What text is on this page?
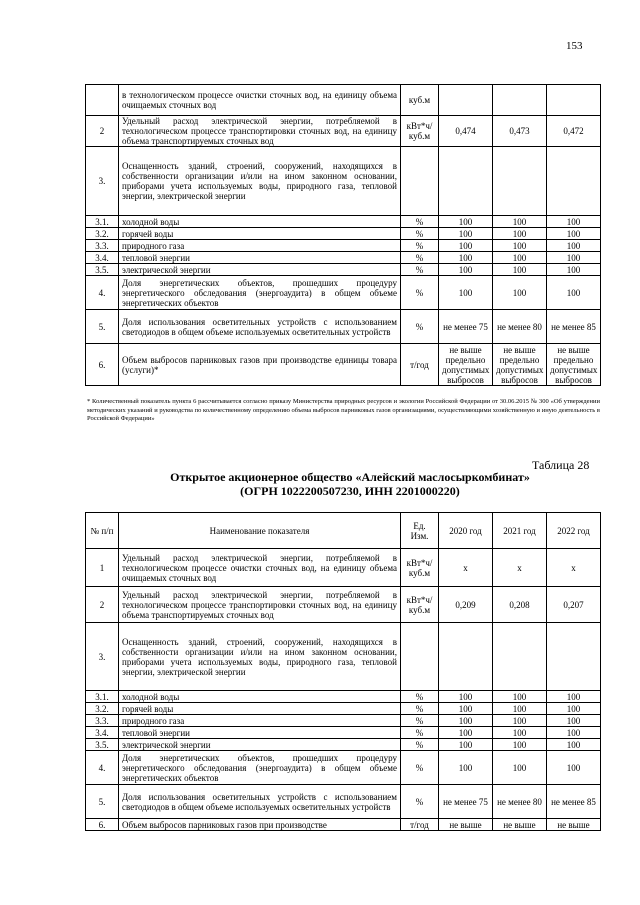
153
	в технологическом процессе очистки сточных вод, на единицу объема очищаемых сточных вод	куб.м			
2	Удельный расход электрической энергии, потребляемой в технологическом процессе транспортировки сточных вод, на единицу объема транспортируемых сточных вод	кВт*ч/куб.м	0,474	0,473	0,472
3.	Оснащенность зданий, строений, сооружений, находящихся в собственности организации и/или на ином законном основании, приборами учета используемых воды, природного газа, тепловой энергии, электрической энергии				
3.1.	холодной воды	%	100	100	100
3.2.	горячей воды	%	100	100	100
3.3.	природного газа	%	100	100	100
3.4.	тепловой энергии	%	100	100	100
3.5.	электрической энергии	%	100	100	100
4.	Доля энергетических объектов, прошедших процедуру энергетического обследования (энергоаудита) в общем объеме энергетических объектов	%	100	100	100
5.	Доля использования осветительных устройств с использованием светодиодов в общем объеме используемых осветительных устройств	%	не менее 75	не менее 80	не менее 85
6.	Объем выбросов парниковых газов при производстве единицы товара (услуги)*	т/год	не выше предельно допустимых выбросов	не выше предельно допустимых выбросов	не выше предельно допустимых выбросов
* Количественный показатель пункта 6 рассчитывается согласно приказу Министерства природных ресурсов и экологии Российской Федерации от 30.06.2015 № 300 «Об утверждении методических указаний и руководства по количественному определению объема выбросов парниковых газов организациями, осуществляющими хозяйственную и иную деятельность в Российской Федерации»
Таблица 28
Открытое акционерное общество «Алейский маслосыркомбинат»
(ОГРН 1022200507230, ИНН 2201000220)
№ п/п	Наименование показателя	Ед. Изм.	2020 год	2021 год	2022 год
1	Удельный расход электрической энергии, потребляемой в технологическом процессе очистки сточных вод, на единицу объема очищаемых сточных вод	кВт*ч/куб.м	х	х	х
2	Удельный расход электрической энергии, потребляемой в технологическом процессе транспортировки сточных вод, на единицу объема транспортируемых сточных вод	кВт*ч/куб.м	0,209	0,208	0,207
3.	Оснащенность зданий, строений, сооружений, находящихся в собственности организации и/или на ином законном основании, приборами учета используемых воды, природного газа, тепловой энергии, электрической энергии				
3.1.	холодной воды	%	100	100	100
3.2.	горячей воды	%	100	100	100
3.3.	природного газа	%	100	100	100
3.4.	тепловой энергии	%	100	100	100
3.5.	электрической энергии	%	100	100	100
4.	Доля энергетических объектов, прошедших процедуру энергетического обследования (энергоаудита) в общем объеме энергетических объектов	%	100	100	100
5.	Доля использования осветительных устройств с использованием светодиодов в общем объеме используемых осветительных устройств	%	не менее 75	не менее 80	не менее 85
6.	Объем выбросов парниковых газов при производстве	т/год	не выше	не выше	не выше
